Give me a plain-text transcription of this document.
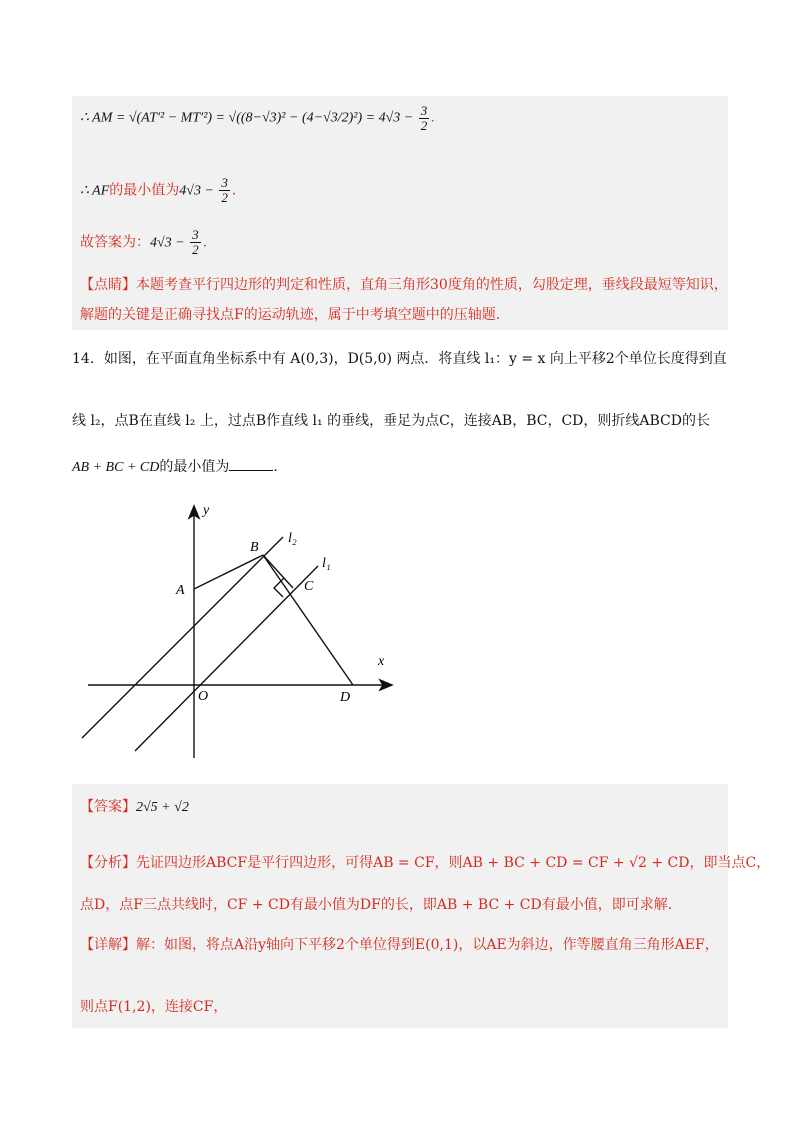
∴ AM = $√(AT'^2 - MT'^2) = √((8-√3)^2 - (4-√3/2)^2) = 4√3 - \frac{3}{2}$ .
∴ AF的最小值为$4√3 - \frac{3}{2}$ .
故答案为：$4√3 - \frac{3}{2}$ .
【点睛】本题考查平行四边形的判定和性质，直角三角形30度角的性质，勾股定理，垂线段最短等知识，
解题的关键是正确寻找点F的运动轨迹，属于中考填空题中的压轴题.
14．如图，在平面直角坐标系中有 A(0,3)，D(5,0) 两点．将直线 l₁：y = x 向上平移2个单位长度得到直
线 l₂，点B在直线 l₂ 上，过点B作直线 l₁ 的垂线，垂足为点C，连接AB，BC，CD，则折线ABCD的长
AB + BC + CD的最小值为	.
y
x
O
A
B
C
D
l₂
l₁
【答案】2√5 + √2
【分析】先证四边形ABCF是平行四边形，可得AB = CF，则AB + BC + CD = CF + √2 + CD，即当点C，
点D，点F三点共线时，CF + CD有最小值为DF的长，即AB + BC + CD有最小值，即可求解.
【详解】解：如图，将点A沿y轴向下平移2个单位得到E(0,1)，以AE为斜边，作等腰直角三角形AEF，
则点F(1,2)，连接CF，
